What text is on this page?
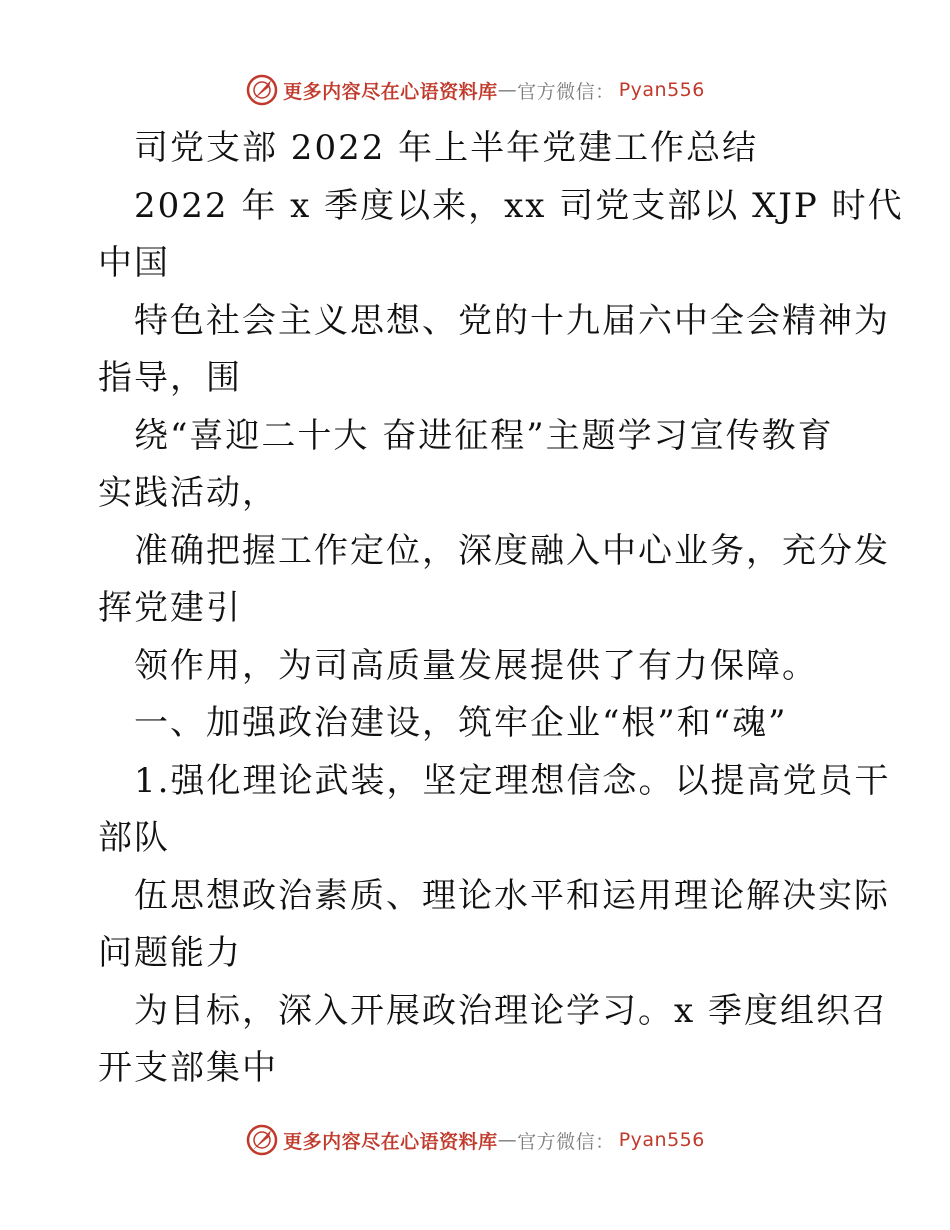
更多内容尽在心语资料库 — 官方微信： Pyan556
司党支部 2022 年上半年党建工作总结
2022 年 x 季度以来，xx 司党支部以 XJP 时代
中国
特色社会主义思想、党的十九届六中全会精神为
指导，围
绕“喜迎二十大 奋进征程”主题学习宣传教育
实践活动，
准确把握工作定位，深度融入中心业务，充分发
挥党建引
领作用，为司高质量发展提供了有力保障。
一、加强政治建设，筑牢企业“根”和“魂”
1.强化理论武装，坚定理想信念。以提高党员干
部队
伍思想政治素质、理论水平和运用理论解决实际
问题能力
为目标，深入开展政治理论学习。x 季度组织召
开支部集中
更多内容尽在心语资料库 — 官方微信： Pyan556
